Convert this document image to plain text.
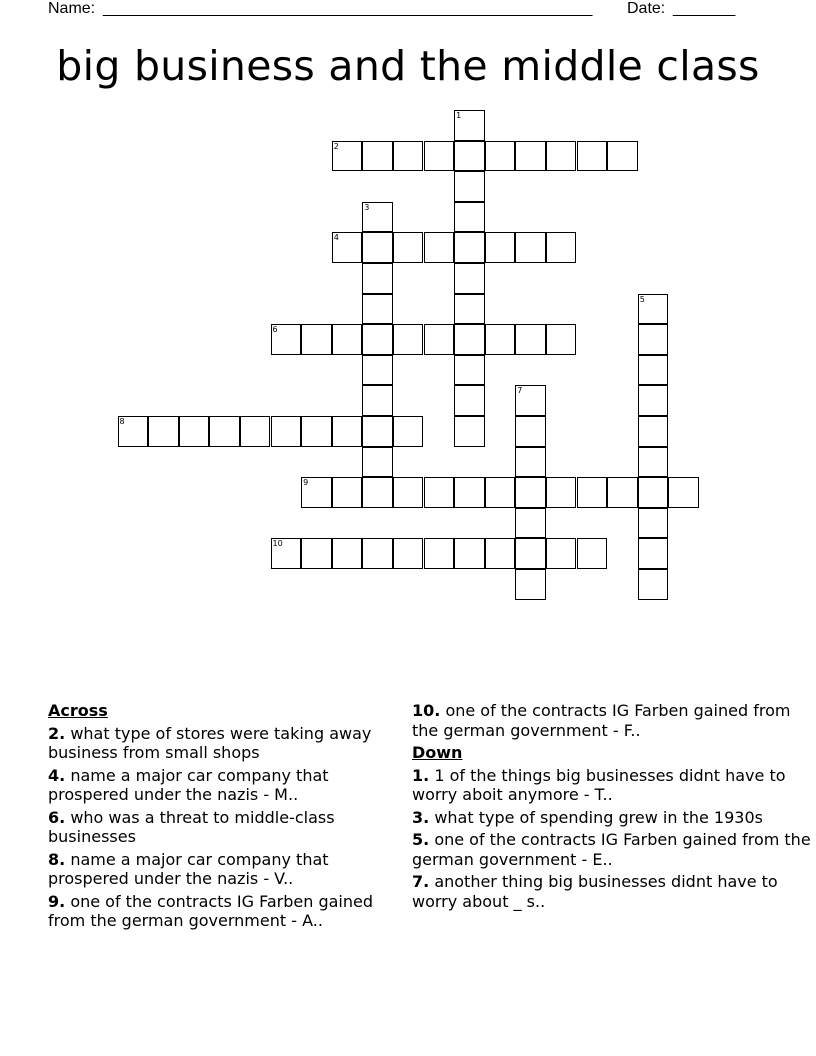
Name: _______________________________________________________ Date: _______
big business and the middle class
1
2
3
4
5
6
7
8
9
10
Across
2. what type of stores were taking away business from small shops
4. name a major car company that prospered under the nazis - M..
6. who was a threat to middle-class businesses
8. name a major car company that prospered under the nazis - V..
9. one of the contracts IG Farben gained from the german government - A..
10. one of the contracts IG Farben gained from the german government - F..
Down
1. 1 of the things big businesses didnt have to worry aboit anymore - T..
3. what type of spending grew in the 1930s
5. one of the contracts IG Farben gained from the german government - E..
7. another thing big businesses didnt have to worry about _ s..
